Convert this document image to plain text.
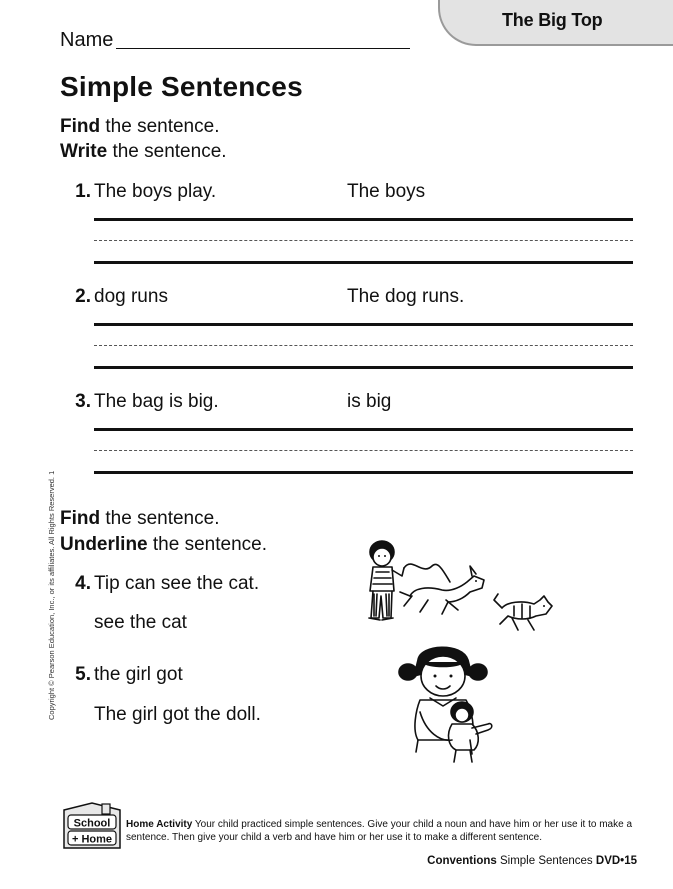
The Big Top
Name
Simple Sentences
Find the sentence.
Write the sentence.
1. The boys play.	The boys
2. dog runs	The dog runs.
3. The bag is big.	is big
Find the sentence.
Underline the sentence.
4. Tip can see the cat.
see the cat
5. the girl got
The girl got the doll.
Copyright © Pearson Education, Inc., or its affiliates. All Rights Reserved. 1
School
+ Home
Home Activity Your child practiced simple sentences. Give your child a noun and have him or her use it to make a sentence. Then give your child a verb and have him or her use it to make a different sentence.
Conventions Simple Sentences DVD•15
